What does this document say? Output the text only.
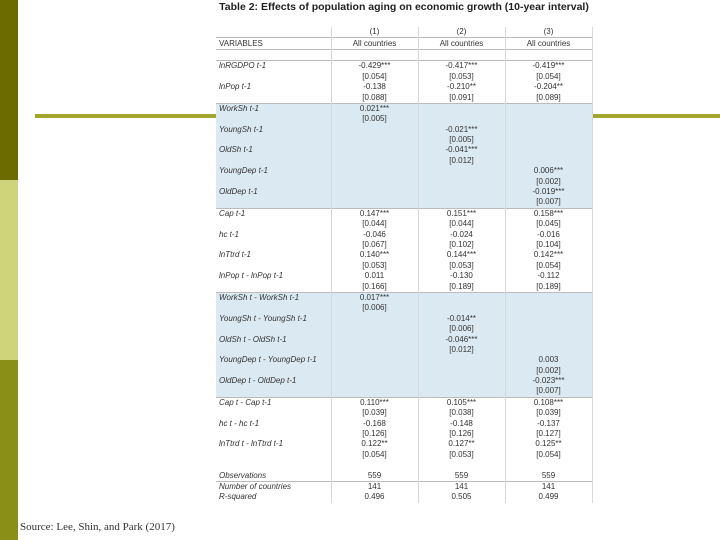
Table 2: Effects of population aging on economic growth (10-year interval)
	(1)	(2)	(3)
VARIABLES	All countries	All countries	All countries

lnRGDPO t-1	-0.429***	-0.417***	-0.419***
	[0.054]	[0.053]	[0.054]
lnPop t-1	-0.138	-0.210**	-0.204**
	[0.088]	[0.091]	[0.089]
WorkSh t-1	0.021***		
	[0.005]		
YoungSh t-1		-0.021***	
		[0.005]	
OldSh t-1		-0.041***	
		[0.012]	
YoungDep t-1			0.006***
			[0.002]
OldDep t-1			-0.019***
			[0.007]
Cap t-1	0.147***	0.151***	0.158***
	[0.044]	[0.044]	[0.045]
hc t-1	-0.046	-0.024	-0.016
	[0.067]	[0.102]	[0.104]
lnTtrd t-1	0.140***	0.144***	0.142***
	[0.053]	[0.053]	[0.054]
lnPop t - lnPop t-1	0.011	-0.130	-0.112
	[0.166]	[0.189]	[0.189]
WorkSh t - WorkSh t-1	0.017***		
	[0.006]		
YoungSh t - YoungSh t-1		-0.014**	
		[0.006]	
OldSh t - OldSh t-1		-0.046***	
		[0.012]	
YoungDep t - YoungDep t-1			0.003
			[0.002]
OldDep t - OldDep t-1			-0.023***
			[0.007]
Cap t - Cap t-1	0.110***	0.105***	0.108***
	[0.039]	[0.038]	[0.039]
hc t - hc t-1	-0.168	-0.148	-0.137
	[0.126]	[0.126]	[0.127]
lnTtrd t - lnTtrd t-1	0.122**	0.127**	0.125**
	[0.054]	[0.053]	[0.054]

Observations	559	559	559
Number of countries	141	141	141
R-squared	0.496	0.505	0.499
Source: Lee, Shin, and Park (2017)
